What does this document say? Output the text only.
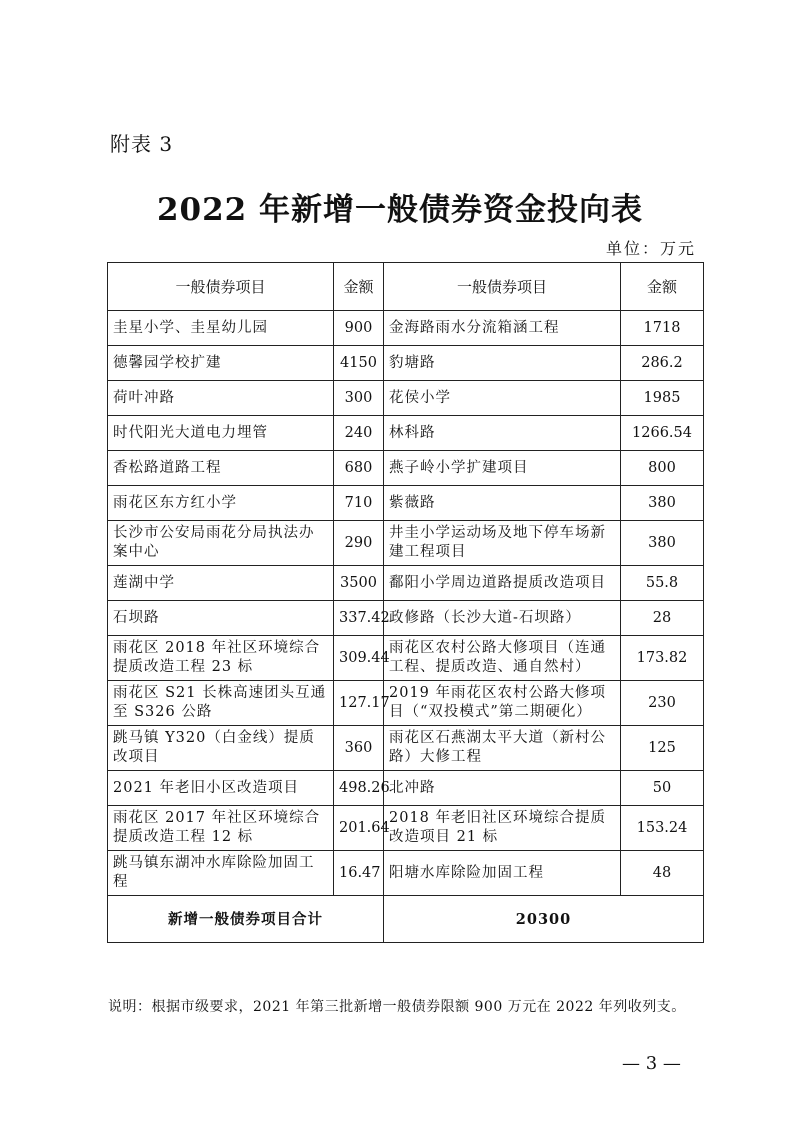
附表 3
2022 年新增一般债券资金投向表
单位：万元
一般债券项目	金额	一般债券项目	金额
圭星小学、圭星幼儿园	900	金海路雨水分流箱涵工程	1718
德馨园学校扩建	4150	豹塘路	286.2
荷叶冲路	300	花侯小学	1985
时代阳光大道电力埋管	240	林科路	1266.54
香松路道路工程	680	燕子岭小学扩建项目	800
雨花区东方红小学	710	紫薇路	380
长沙市公安局雨花分局执法办案中心	290	井圭小学运动场及地下停车场新建工程项目	380
莲湖中学	3500	鄱阳小学周边道路提质改造项目	55.8
石坝路	337.42	政修路（长沙大道-石坝路）	28
雨花区 2018 年社区环境综合提质改造工程 23 标	309.44	雨花区农村公路大修项目（连通工程、提质改造、通自然村）	173.82
雨花区 S21 长株高速团头互通至 S326 公路	127.17	2019 年雨花区农村公路大修项目（“双投模式”第二期硬化）	230
跳马镇 Y320（白金线）提质改项目	360	雨花区石燕湖太平大道（新村公路）大修工程	125
2021 年老旧小区改造项目	498.26	北冲路	50
雨花区 2017 年社区环境综合提质改造工程 12 标	201.64	2018 年老旧社区环境综合提质改造项目 21 标	153.24
跳马镇东湖冲水库除险加固工程	16.47	阳塘水库除险加固工程	48
新增一般债券项目合计		20300	
说明：根据市级要求，2021 年第三批新增一般债券限额 900 万元在 2022 年列收列支。
— 3 —
